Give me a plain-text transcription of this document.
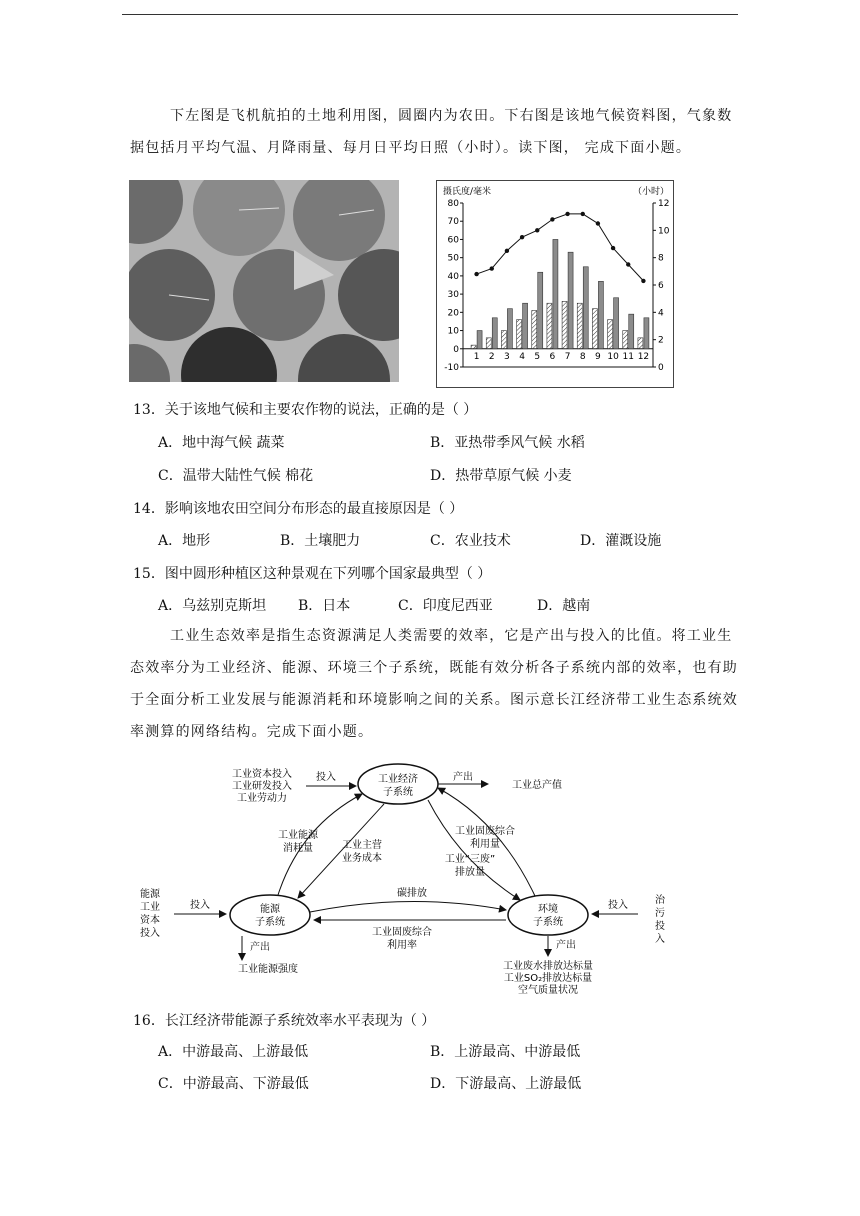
下左图是飞机航拍的土地利用图，圆圈内为农田。下右图是该地气候资料图，气象数据包括月平均气温、月降雨量、每月日平均日照（小时）。读下图， 完成下面小题。

摄氏度/毫米	（小时）
80
70
60
50
40
30
20
10
0
-10
12
10
8
6
4
2
0
1 2 3 4 5 6 7 8 9 10 11 12
13．关于该地气候和主要农作物的说法，正确的是（ ）
A．地中海气候 蔬菜	B．亚热带季风气候 水稻
C．温带大陆性气候 棉花	D．热带草原气候 小麦
14．影响该地农田空间分布形态的最直接原因是（ ）
A．地形	B．土壤肥力	C．农业技术	D．灌溉设施
15．图中圆形种植区这种景观在下列哪个国家最典型（ ）
A．乌兹别克斯坦 B．日本	C．印度尼西亚	D．越南

工业生态效率是指生态资源满足人类需要的效率，它是产出与投入的比值。将工业生态效率分为工业经济、能源、环境三个子系统，既能有效分析各子系统内部的效率，也有助于全面分析工业发展与能源消耗和环境影响之间的关系。图示意长江经济带工业生态系统效率测算的网络结构。完成下面小题。

工业经济
子系统
能源
子系统
环境
子系统
工业资本投入
工业研发投入
工业劳动力
投入	产出
工业总产值
工业能源
消耗量	工业主营
业务成本
工业固废综合
利用量
工业“三废”
排放量
碳排放
工业固废综合
利用率
能源
工业
资本
投入
投入
产出
工业能源强度
治
污
投
入
投入
产出
工业废水排放达标量
工业SO₂排放达标量
空气质量状况
16．长江经济带能源子系统效率水平表现为（ ）
A．中游最高、上游最低	B．上游最高、中游最低
C．中游最高、下游最低	D．下游最高、上游最低
